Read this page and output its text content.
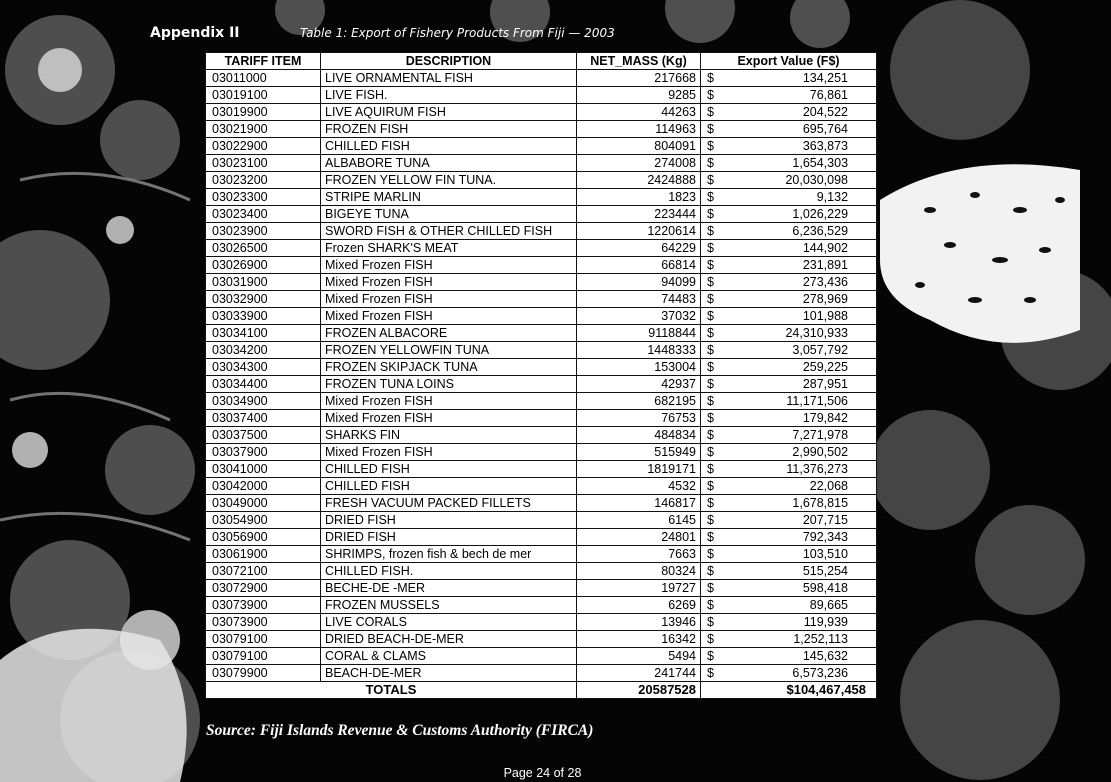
Appendix II	Table 1: Export of Fishery Products From Fiji — 2003
TARIFF ITEM	DESCRIPTION	NET_MASS (Kg)	Export Value (F$)	
03011000	LIVE ORNAMENTAL FISH	217668	$	134,251
03019100	LIVE FISH.	9285	$	76,861
03019900	LIVE AQUIRUM FISH	44263	$	204,522
03021900	FROZEN FISH	114963	$	695,764
03022900	CHILLED FISH	804091	$	363,873
03023100	ALBABORE TUNA	274008	$	1,654,303
03023200	FROZEN YELLOW FIN TUNA.	2424888	$	20,030,098
03023300	STRIPE MARLIN	1823	$	9,132
03023400	BIGEYE TUNA	223444	$	1,026,229
03023900	SWORD FISH & OTHER CHILLED FISH	1220614	$	6,236,529
03026500	Frozen SHARK'S MEAT	64229	$	144,902
03026900	Mixed Frozen FISH	66814	$	231,891
03031900	Mixed Frozen FISH	94099	$	273,436
03032900	Mixed Frozen FISH	74483	$	278,969
03033900	Mixed Frozen FISH	37032	$	101,988
03034100	FROZEN ALBACORE	9118844	$	24,310,933
03034200	FROZEN YELLOWFIN TUNA	1448333	$	3,057,792
03034300	FROZEN SKIPJACK TUNA	153004	$	259,225
03034400	FROZEN TUNA LOINS	42937	$	287,951
03034900	Mixed Frozen FISH	682195	$	11,171,506
03037400	Mixed Frozen FISH	76753	$	179,842
03037500	SHARKS FIN	484834	$	7,271,978
03037900	Mixed Frozen FISH	515949	$	2,990,502
03041000	CHILLED FISH	1819171	$	11,376,273
03042000	CHILLED FISH	4532	$	22,068
03049000	FRESH VACUUM PACKED FILLETS	146817	$	1,678,815
03054900	DRIED FISH	6145	$	207,715
03056900	DRIED FISH	24801	$	792,343
03061900	SHRIMPS, frozen fish & bech de mer	7663	$	103,510
03072100	CHILLED FISH.	80324	$	515,254
03072900	BECHE-DE -MER	19727	$	598,418
03073900	FROZEN MUSSELS	6269	$	89,665
03073900	LIVE CORALS	13946	$	119,939
03079100	DRIED BEACH-DE-MER	16342	$	1,252,113
03079100	CORAL & CLAMS	5494	$	145,632
03079900	BEACH-DE-MER	241744	$	6,573,236
TOTALS		20587528	$104,467,458	
Source: Fiji Islands Revenue & Customs Authority (FIRCA)
Page 24 of 28
